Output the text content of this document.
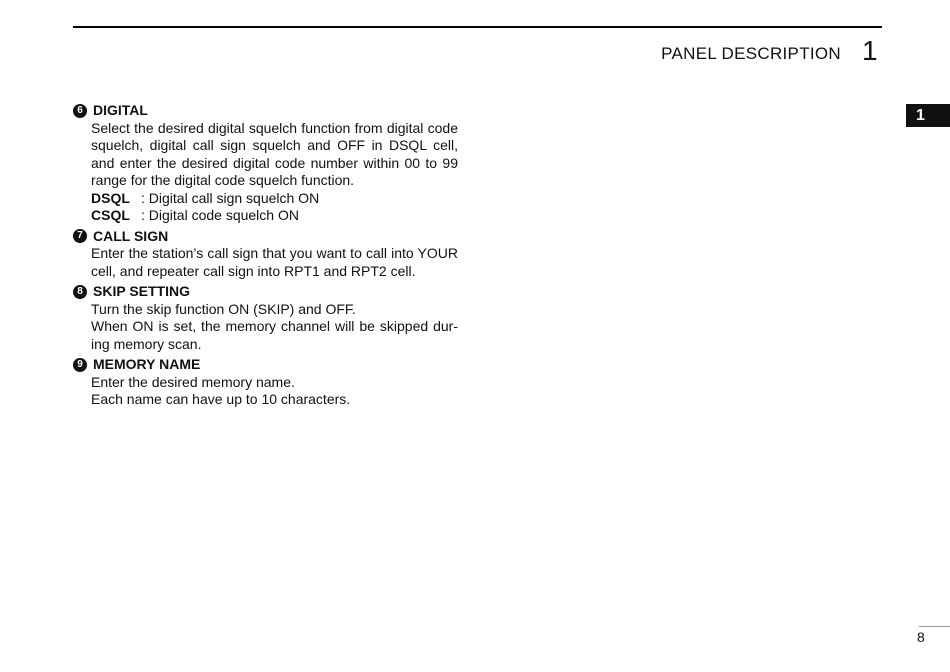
PANEL DESCRIPTION 1
1
6 DIGITAL

Select the desired digital squelch function from digital code squelch, digital call sign squelch and OFF in DSQL cell, and enter the desired digital code number within 00 to 99 range for the digital code squelch function.

DSQL : Digital call sign squelch ON
CSQL : Digital code squelch ON
7 CALL SIGN

Enter the station’s call sign that you want to call into YOUR cell, and repeater call sign into RPT1 and RPT2 cell.

8 SKIP SETTING

Turn the skip function ON (SKIP) and OFF.

When ON is set, the memory channel will be skipped dur-ing memory scan.

9 MEMORY NAME

Enter the desired memory name.

Each name can have up to 10 characters.

8
